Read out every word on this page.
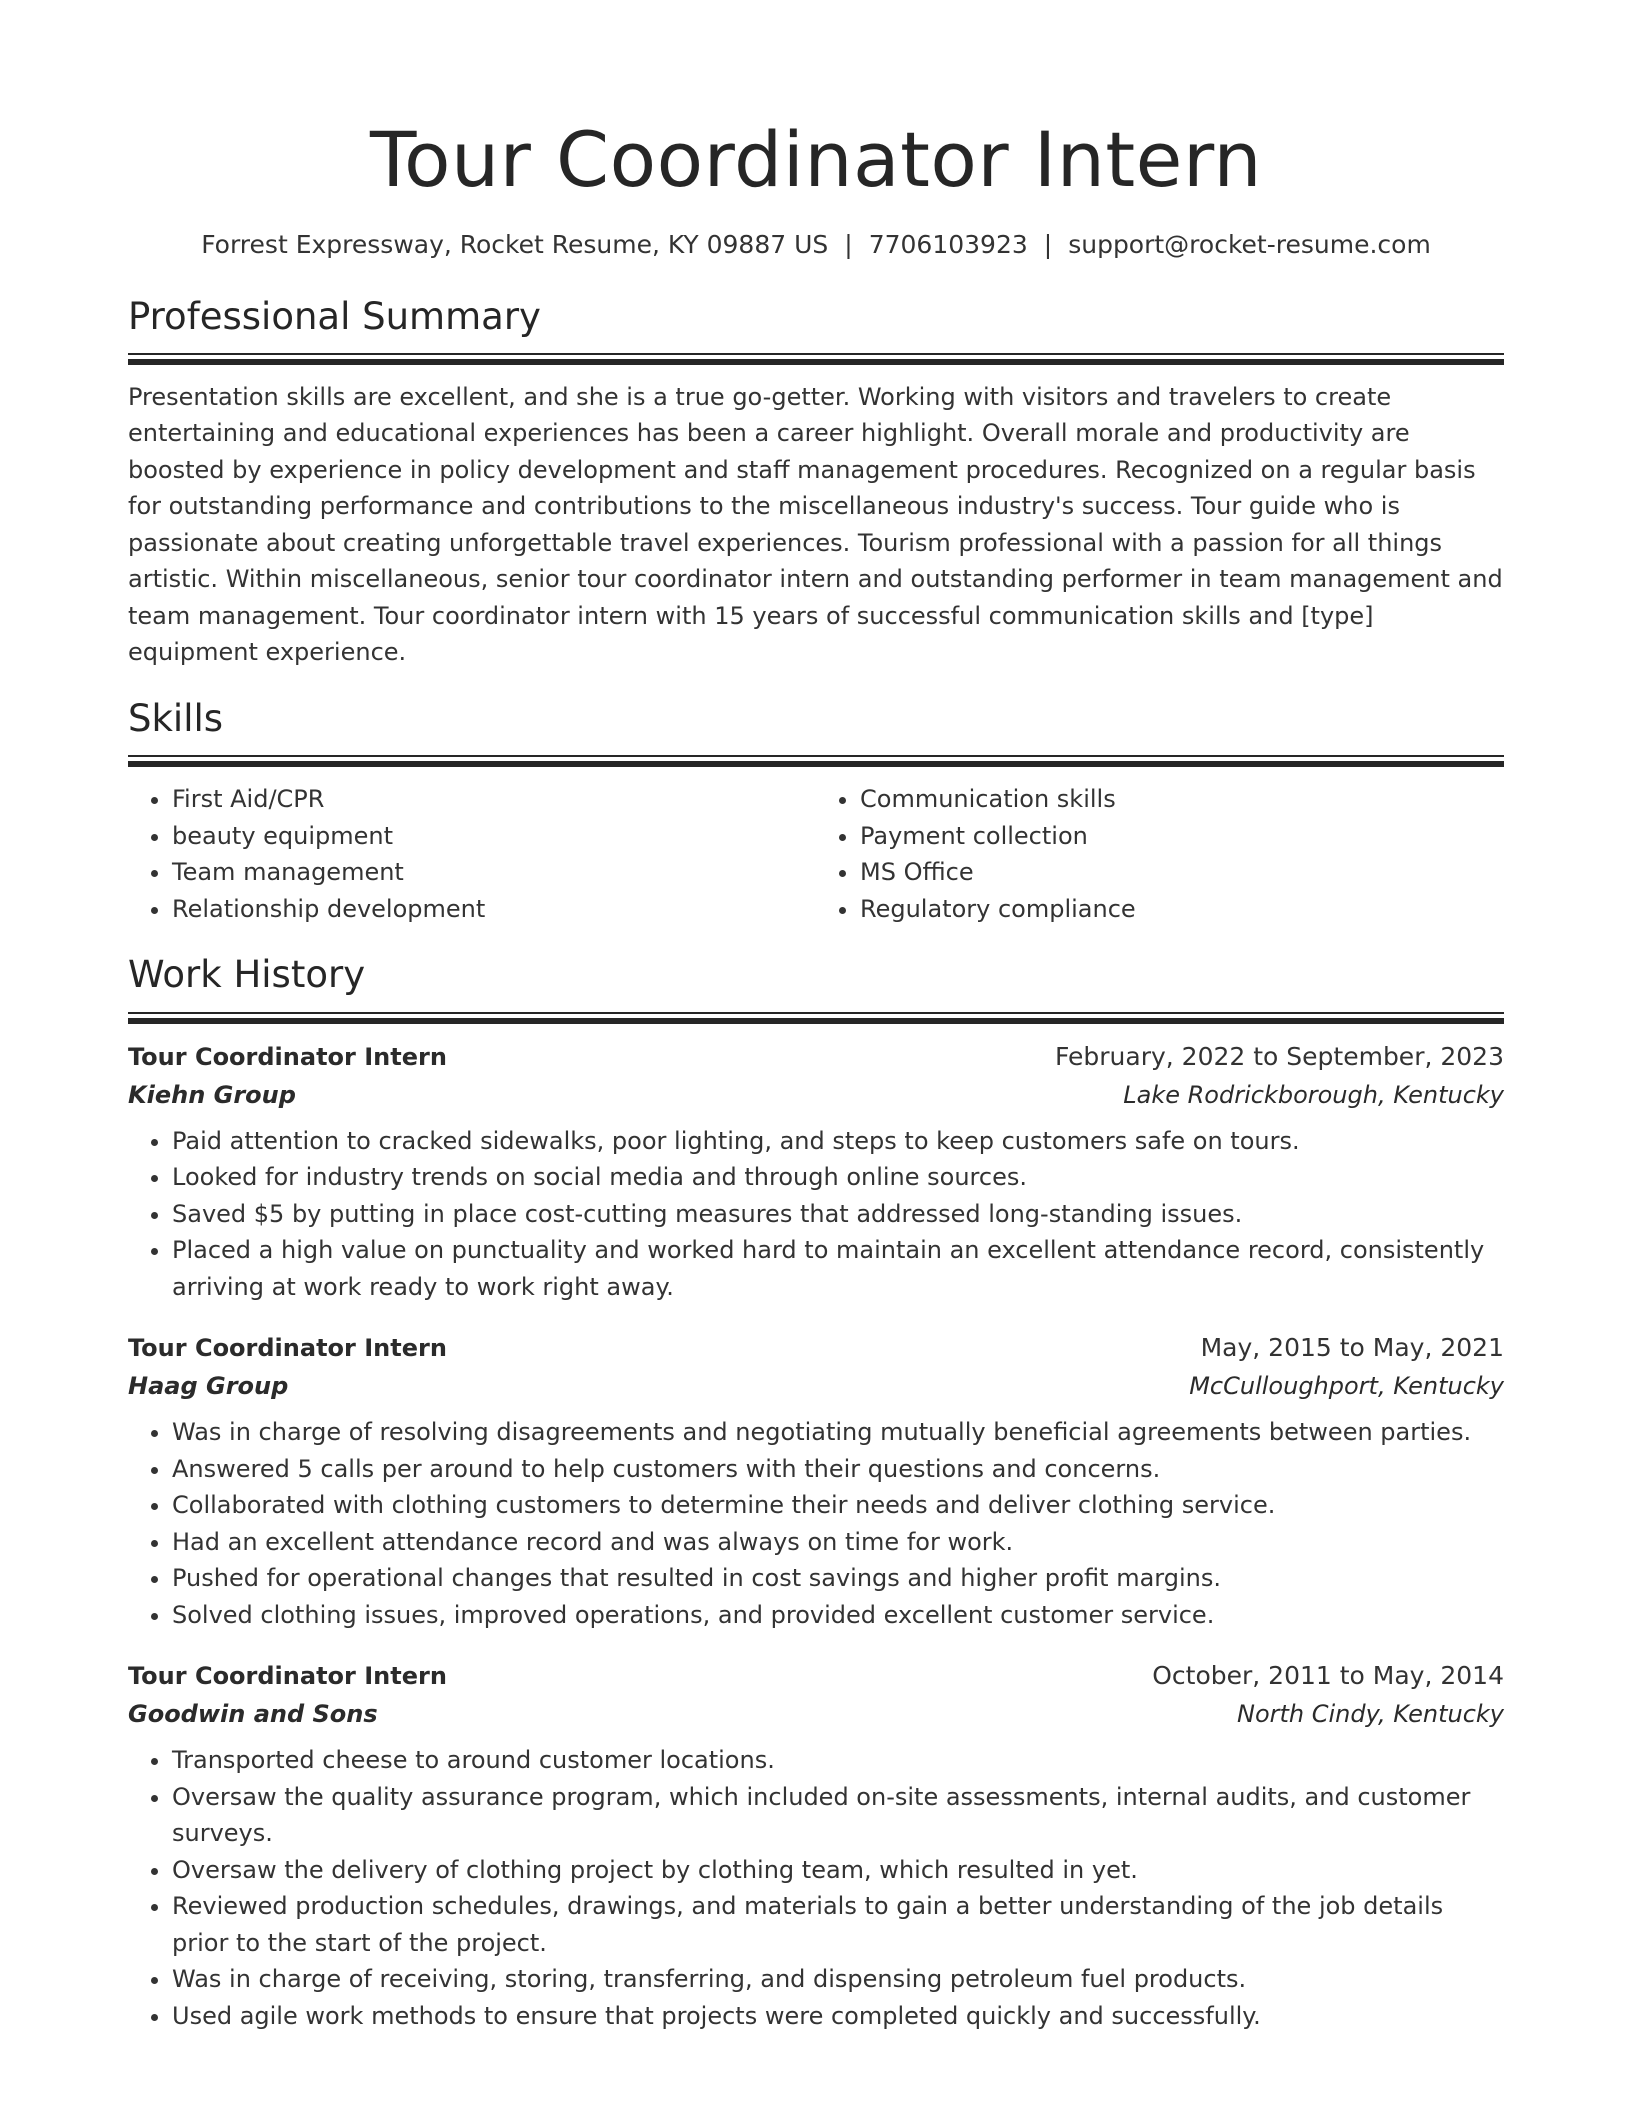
Tour Coordinator Intern
Forrest Expressway, Rocket Resume, KY 09887 US | 7706103923 | support@rocket-resume.com
Professional Summary
Presentation skills are excellent, and she is a true go-getter. Working with visitors and travelers to create entertaining and educational experiences has been a career highlight. Overall morale and productivity are boosted by experience in policy development and staff management procedures. Recognized on a regular basis for outstanding performance and contributions to the miscellaneous industry's success. Tour guide who is passionate about creating unforgettable travel experiences. Tourism professional with a passion for all things artistic. Within miscellaneous, senior tour coordinator intern and outstanding performer in team management and team management. Tour coordinator intern with 15 years of successful communication skills and [type] equipment experience.
Skills
• First Aid/CPR
• beauty equipment
• Team management
• Relationship development
• Communication skills
• Payment collection
• MS Office
• Regulatory compliance
Work History
Tour Coordinator Intern	February, 2022 to September, 2023
Kiehn Group	Lake Rodrickborough, Kentucky
• Paid attention to cracked sidewalks, poor lighting, and steps to keep customers safe on tours.
• Looked for industry trends on social media and through online sources.
• Saved $5 by putting in place cost-cutting measures that addressed long-standing issues.
• Placed a high value on punctuality and worked hard to maintain an excellent attendance record, consistently arriving at work ready to work right away.
Tour Coordinator Intern	May, 2015 to May, 2021
Haag Group	McCulloughport, Kentucky
• Was in charge of resolving disagreements and negotiating mutually beneficial agreements between parties.
• Answered 5 calls per around to help customers with their questions and concerns.
• Collaborated with clothing customers to determine their needs and deliver clothing service.
• Had an excellent attendance record and was always on time for work.
• Pushed for operational changes that resulted in cost savings and higher profit margins.
• Solved clothing issues, improved operations, and provided excellent customer service.
Tour Coordinator Intern	October, 2011 to May, 2014
Goodwin and Sons	North Cindy, Kentucky
• Transported cheese to around customer locations.
• Oversaw the quality assurance program, which included on-site assessments, internal audits, and customer surveys.
• Oversaw the delivery of clothing project by clothing team, which resulted in yet.
• Reviewed production schedules, drawings, and materials to gain a better understanding of the job details prior to the start of the project.
• Was in charge of receiving, storing, transferring, and dispensing petroleum fuel products.
• Used agile work methods to ensure that projects were completed quickly and successfully.
